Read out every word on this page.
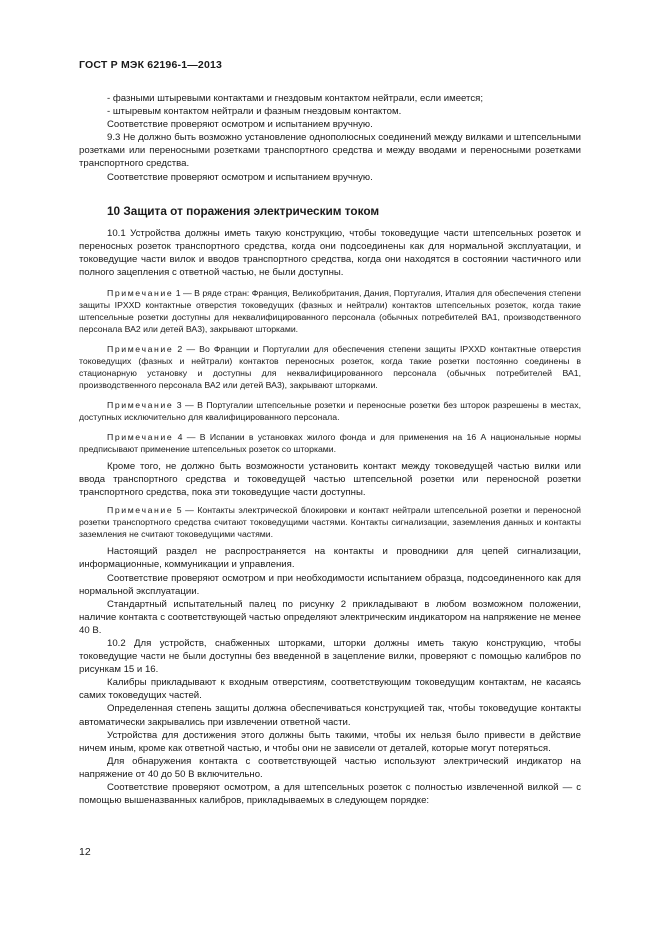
ГОСТ Р МЭК 62196-1—2013

- фазными штыревыми контактами и гнездовым контактом нейтрали, если имеется;

- штыревым контактом нейтрали и фазным гнездовым контактом.

Соответствие проверяют осмотром и испытанием вручную.

9.3 Не должно быть возможно установление однополюсных соединений между вилками и штепсельными розетками или переносными розетками транспортного средства и между вводами и переносными розетками транспортного средства.

Соответствие проверяют осмотром и испытанием вручную.

10 Защита от поражения электрическим током

10.1 Устройства должны иметь такую конструкцию, чтобы токоведущие части штепсельных розеток и переносных розеток транспортного средства, когда они подсоединены как для нормальной эксплуатации, и токоведущие части вилок и вводов транспортного средства, когда они находятся в состоянии частичного или полного зацепления с ответной частью, не были доступны.

Примечание 1 — В ряде стран: Франция, Великобритания, Дания, Португалия, Италия для обеспечения степени защиты IPXXD контактные отверстия токоведущих (фазных и нейтрали) контактов штепсельных розеток, когда такие штепсельные розетки доступны для неквалифицированного персонала (обычных потребителей ВА1, производственного персонала ВА2 или детей ВА3), закрывают шторками.

Примечание 2 — Во Франции и Португалии для обеспечения степени защиты IPXXD контактные отверстия токоведущих (фазных и нейтрали) контактов переносных розеток, когда такие розетки постоянно соединены в стационарную установку и доступны для неквалифицированного персонала (обычных потребителей ВА1, производственного персонала ВА2 или детей ВА3), закрывают шторками.

Примечание 3 — В Португалии штепсельные розетки и переносные розетки без шторок разрешены в местах, доступных исключительно для квалифицированного персонала.

Примечание 4 — В Испании в установках жилого фонда и для применения на 16 А национальные нормы предписывают применение штепсельных розеток со шторками.

Кроме того, не должно быть возможности установить контакт между токоведущей частью вилки или ввода транспортного средства и токоведущей частью штепсельной розетки или переносной розетки транспортного средства, пока эти токоведущие части доступны.

Примечание 5 — Контакты электрической блокировки и контакт нейтрали штепсельной розетки и переносной розетки транспортного средства считают токоведущими частями. Контакты сигнализации, заземления данных и контакты заземления не считают токоведущими частями.

Настоящий раздел не распространяется на контакты и проводники для цепей сигнализации, информационные, коммуникации и управления.

Соответствие проверяют осмотром и при необходимости испытанием образца, подсоединенного как для нормальной эксплуатации.

Стандартный испытательный палец по рисунку 2 прикладывают в любом возможном положении, наличие контакта с соответствующей частью определяют электрическим индикатором на напряжение не менее 40 В.

10.2 Для устройств, снабженных шторками, шторки должны иметь такую конструкцию, чтобы токоведущие части не были доступны без введенной в зацепление вилки, проверяют с помощью калибров по рисункам 15 и 16.

Калибры прикладывают к входным отверстиям, соответствующим токоведущим контактам, не касаясь самих токоведущих частей.

Определенная степень защиты должна обеспечиваться конструкцией так, чтобы токоведущие контакты автоматически закрывались при извлечении ответной части.

Устройства для достижения этого должны быть такими, чтобы их нельзя было привести в действие ничем иным, кроме как ответной частью, и чтобы они не зависели от деталей, которые могут потеряться.

Для обнаружения контакта с соответствующей частью используют электрический индикатор на напряжение от 40 до 50 В включительно.

Соответствие проверяют осмотром, а для штепсельных розеток с полностью извлеченной вилкой — с помощью вышеназванных калибров, прикладываемых в следующем порядке:

12
